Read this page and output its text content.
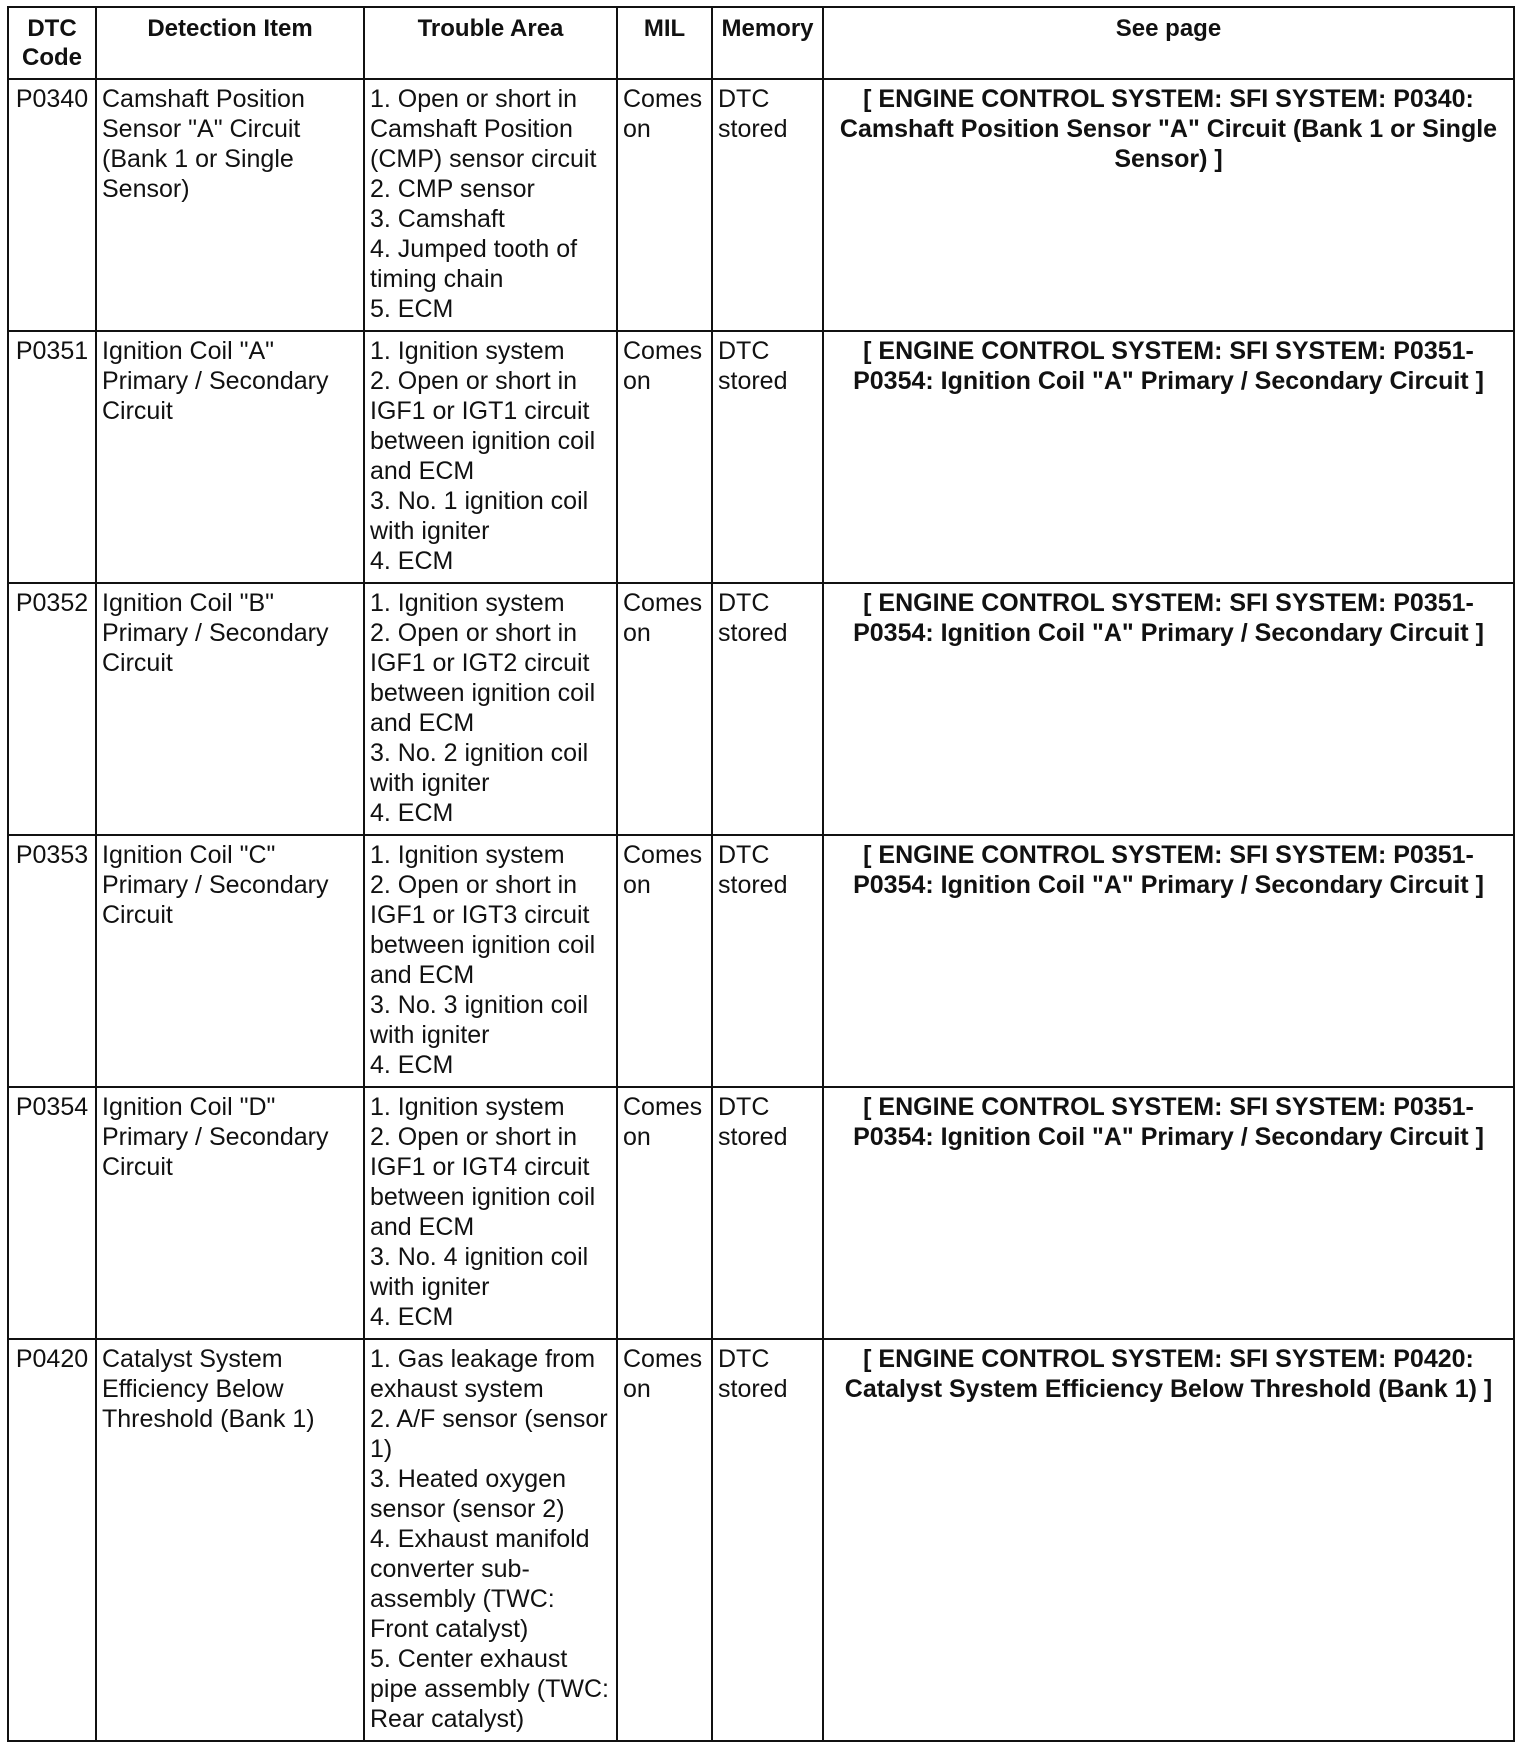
DTC
Code	Detection Item	Trouble Area	MIL	Memory	See page
P0340	Camshaft Position Sensor "A" Circuit (Bank 1 or Single Sensor)	1. Open or short in Camshaft Position (CMP) sensor circuit
2. CMP sensor
3. Camshaft
4. Jumped tooth of timing chain
5. ECM	Comes on	DTC stored	[ ENGINE CONTROL SYSTEM: SFI SYSTEM: P0340: Camshaft Position Sensor "A" Circuit (Bank 1 or Single Sensor) ]
P0351	Ignition Coil "A" Primary / Secondary Circuit	1. Ignition system
2. Open or short in IGF1 or IGT1 circuit between ignition coil and ECM
3. No. 1 ignition coil with igniter
4. ECM	Comes on	DTC stored	[ ENGINE CONTROL SYSTEM: SFI SYSTEM: P0351-P0354: Ignition Coil "A" Primary / Secondary Circuit ]
P0352	Ignition Coil "B" Primary / Secondary Circuit	1. Ignition system
2. Open or short in IGF1 or IGT2 circuit between ignition coil and ECM
3. No. 2 ignition coil with igniter
4. ECM	Comes on	DTC stored	[ ENGINE CONTROL SYSTEM: SFI SYSTEM: P0351-P0354: Ignition Coil "A" Primary / Secondary Circuit ]
P0353	Ignition Coil "C" Primary / Secondary Circuit	1. Ignition system
2. Open or short in IGF1 or IGT3 circuit between ignition coil and ECM
3. No. 3 ignition coil with igniter
4. ECM	Comes on	DTC stored	[ ENGINE CONTROL SYSTEM: SFI SYSTEM: P0351-P0354: Ignition Coil "A" Primary / Secondary Circuit ]
P0354	Ignition Coil "D" Primary / Secondary Circuit	1. Ignition system
2. Open or short in IGF1 or IGT4 circuit between ignition coil and ECM
3. No. 4 ignition coil with igniter
4. ECM	Comes on	DTC stored	[ ENGINE CONTROL SYSTEM: SFI SYSTEM: P0351-P0354: Ignition Coil "A" Primary / Secondary Circuit ]
P0420	Catalyst System Efficiency Below Threshold (Bank 1)	1. Gas leakage from exhaust system
2. A/F sensor (sensor 1)
3. Heated oxygen sensor (sensor 2)
4. Exhaust manifold converter sub-assembly (TWC: Front catalyst)
5. Center exhaust pipe assembly (TWC: Rear catalyst)	Comes on	DTC stored	[ ENGINE CONTROL SYSTEM: SFI SYSTEM: P0420: Catalyst System Efficiency Below Threshold (Bank 1) ]
